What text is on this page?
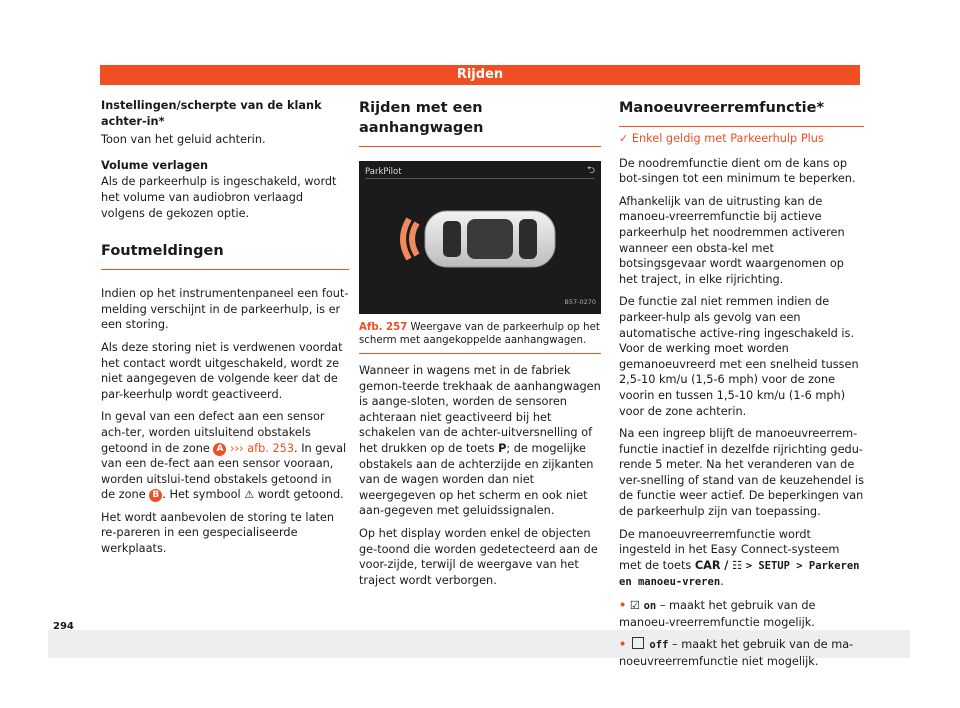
Rijden

Instellingen/scherpte van de klank achter-in*

Toon van het geluid achterin.

Volume verlagen

Als de parkeerhulp is ingeschakeld, wordt het volume van audiobron verlaagd volgens de gekozen optie.

Foutmeldingen

Indien op het instrumentenpaneel een fout-melding verschijnt in de parkeerhulp, is er een storing.

Als deze storing niet is verdwenen voordat het contact wordt uitgeschakeld, wordt ze niet aangegeven de volgende keer dat de par-keerhulp wordt geactiveerd.

In geval van een defect aan een sensor ach-ter, worden uitsluitend obstakels getoond in de zone A ››› afb. 253. In geval van een de-fect aan een sensor vooraan, worden uitslui-tend obstakels getoond in de zone B . Het symbool ⚠ wordt getoond.

Het wordt aanbevolen de storing te laten re-pareren in een gespecialiseerde werkplaats.

Rijden met een aanhangwagen
ParkPilot	⮌
B57-0270
Afb. 257 Weergave van de parkeerhulp op het scherm met aangekoppelde aanhangwagen.

Wanneer in wagens met in de fabriek gemon-teerde trekhaak de aanhangwagen is aange-sloten, worden de sensoren achteraan niet geactiveerd bij het schakelen van de achter-uitversnelling of het drukken op de toets P; de mogelijke obstakels aan de achterzijde en zijkanten van de wagen worden dan niet weergegeven op het scherm en ook niet aan-gegeven met geluidssignalen.

Op het display worden enkel de objecten ge-toond die worden gedetecteerd aan de voor-zijde, terwijl de weergave van het traject wordt verborgen.

Manoeuvreerremfunctie*

✓ Enkel geldig met Parkeerhulp Plus

De noodremfunctie dient om de kans op bot-singen tot een minimum te beperken.

Afhankelijk van de uitrusting kan de manoeu-vreerremfunctie bij actieve parkeerhulp het noodremmen activeren wanneer een obsta-kel met botsingsgevaar wordt waargenomen op het traject, in elke rijrichting.

De functie zal niet remmen indien de parkeer-hulp als gevolg van een automatische active-ring ingeschakeld is. Voor de werking moet worden gemanoeuvreerd met een snelheid tussen 2,5-10 km/u (1,5-6 mph) voor de zone voorin en tussen 1,5-10 km/u (1-6 mph) voor de zone achterin.

Na een ingreep blijft de manoeuvreerrem-functie inactief in dezelfde rijrichting gedu-rende 5 meter. Na het veranderen van de ver-snelling of stand van de keuzehendel is de functie weer actief. De beperkingen van de parkeerhulp zijn van toepassing.

De manoeuvreerremfunctie wordt ingesteld in het Easy Connect-systeem met de toets CAR / ☷ > SETUP > Parkeren en manoeu-vreren.

• ☑ on – maakt het gebruik van de manoeu-vreerremfunctie mogelijk.

• off – maakt het gebruik van de ma-noeuvreerremfunctie niet mogelijk.

294
